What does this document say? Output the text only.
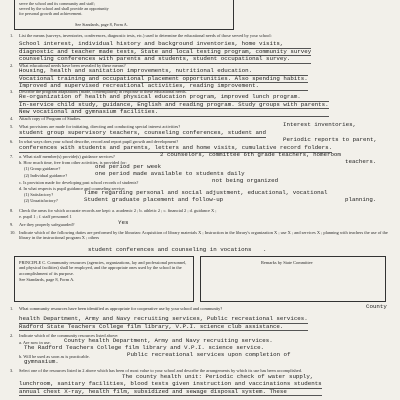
serve the school and its community and staff;
served by the school and shall provide an opportunity
for personal growth and achievement.
See Standards, page 8, Form A.
1. List the means (surveys, inventories, conferences, diagnostic tests, etc.) used to determine the educational needs of those served by your school:
School interest, individual history and background inventories, home visits,
diagnostic and teacher made tests, State and local testing program, community survey
counseling conferences with parents and students, student occupational survey.
2. What educational needs have been revealed by these means?
Housing, health and sanitation improvements, nutritional education.
Vocational training and occupational placement opportunities. Also spending habits.
Improved and supervised recreational activities, reading improvement.
3. Describe the program adaptations (made, contemplated) in response to these educational needs.
Re-organization of health and physical education program, improved lunch program.
In-service child study, guidance, English and reading program. Study groups with parents.
New vocational and gymnasium facilities.
4. Attach copy of Program of Studies.
5. What provisions are made for initiating, directing and conducting special interest activities?	Interest inventories,
student group supervisory teachers, counseling conferences, student and
6. In what ways does your school describe, record and report pupil growth and development?	Periodic reports to parent,
conferences with students and parents, letters and home visits, cumulative record folders.
7. a. What staff member(s) provide(s) guidance services?	2 counselors, committee 6th grade teachers, homeroom
teachers.
b. How much time, free from other activities, is provided for:
(1) Group guidance?	one period per week
(2) Individual guidance?	one period made available to students daily
c. Is provision made for developing past school records of students?	not being organized
d. In what respects is pupil guidance and counseling service:
(1) Satisfactory?	Time regarding personal and social adjustment, educational, vocational
(2) Unsatisfactory?	Student graduate placement and follow-up	planning.
8. Check the areas for which accurate records are kept: a. academic 2 ; b. athletic 2 ; c. financial 2 ; d. guidance X ;
e. pupil 1 ; f. staff personnel 1
9. Are they properly safeguarded?	Yes
10. Indicate which of the following duties are performed by the librarian: Acquisition of library materials X ; Instruction in the library's organization X ; use X ; and services X ; planning with teachers the use of the library in the instructional program X ; others
student conferences and counseling in vocations .
PRINCIPLE C. Community resources (agencies, organizations, lay and professional personnel, and physical facilities) shall be employed, and the appropriate ones used by the school in the accomplishment of its purpose.
See Standards, page 8, Form A.
Remarks by State Committee
1. What community resources have been identified as appropriate for cooperative use by your school and community?	County
health Department, Army and Navy recruiting services, Public recreational services.
Radford State Teachers College film library, V.P.I. science club assistance.
2. Indicate which of the community resources listed above:
a. Are now in use. County health Department, Army and Navy recruiting services.
The Radford Teachers College film library and V.P.I. science service.
b. Will be used as soon as is practicable.	Public recreational services upon completion of
gymnasium.
3. Select one of the resources listed in 2 above which has been of most value to your school and describe the arrangements by which its use has been accomplished.
The county health unit: Periodic check of water supply,
lunchroom, sanitary facilities, blood tests given instruction and vaccinations students
annual chest X-ray, health film, subsidized and sewage disposal system. These
